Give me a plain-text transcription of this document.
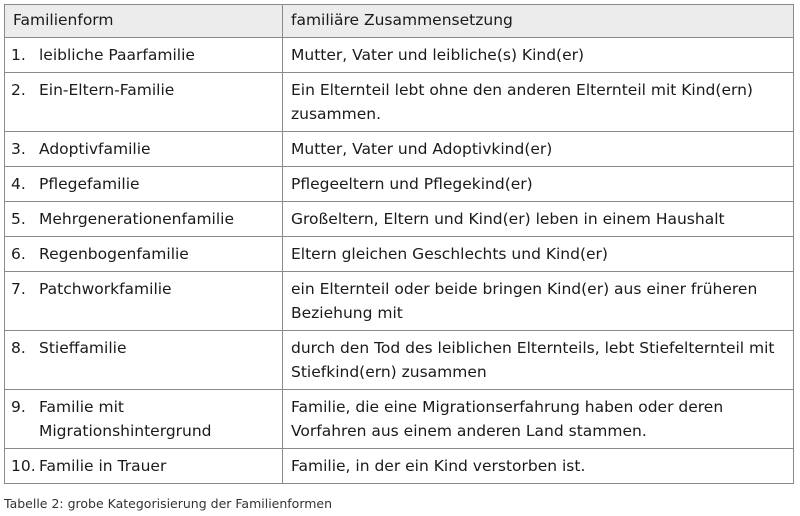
Familienform	familiäre Zusammensetzung

1. leibliche Paarfamilie	Mutter, Vater und leibliche(s) Kind(er)

2. Ein-Eltern-Familie	Ein Elternteil lebt ohne den anderen Elternteil mit Kind(ern) zusammen.

3. Adoptivfamilie	Mutter, Vater und Adoptivkind(er)

4. Pflegefamilie	Pflegeeltern und Pflegekind(er)

5. Mehrgenerationenfamilie	Großeltern, Eltern und Kind(er) leben in einem Haushalt

6. Regenbogenfamilie	Eltern gleichen Geschlechts und Kind(er)

7. Patchworkfamilie	ein Elternteil oder beide bringen Kind(er) aus einer früheren Beziehung mit

8. Stieffamilie	durch den Tod des leiblichen Elternteils, lebt Stiefelternteil mit Stiefkind(ern) zusammen

9. Familie mit Migrationshintergrund	Familie, die eine Migrationserfahrung haben oder deren Vorfahren aus einem anderen Land stammen.

10. Familie in Trauer	Familie, in der ein Kind verstorben ist.
Tabelle 2: grobe Kategorisierung der Familienformen
